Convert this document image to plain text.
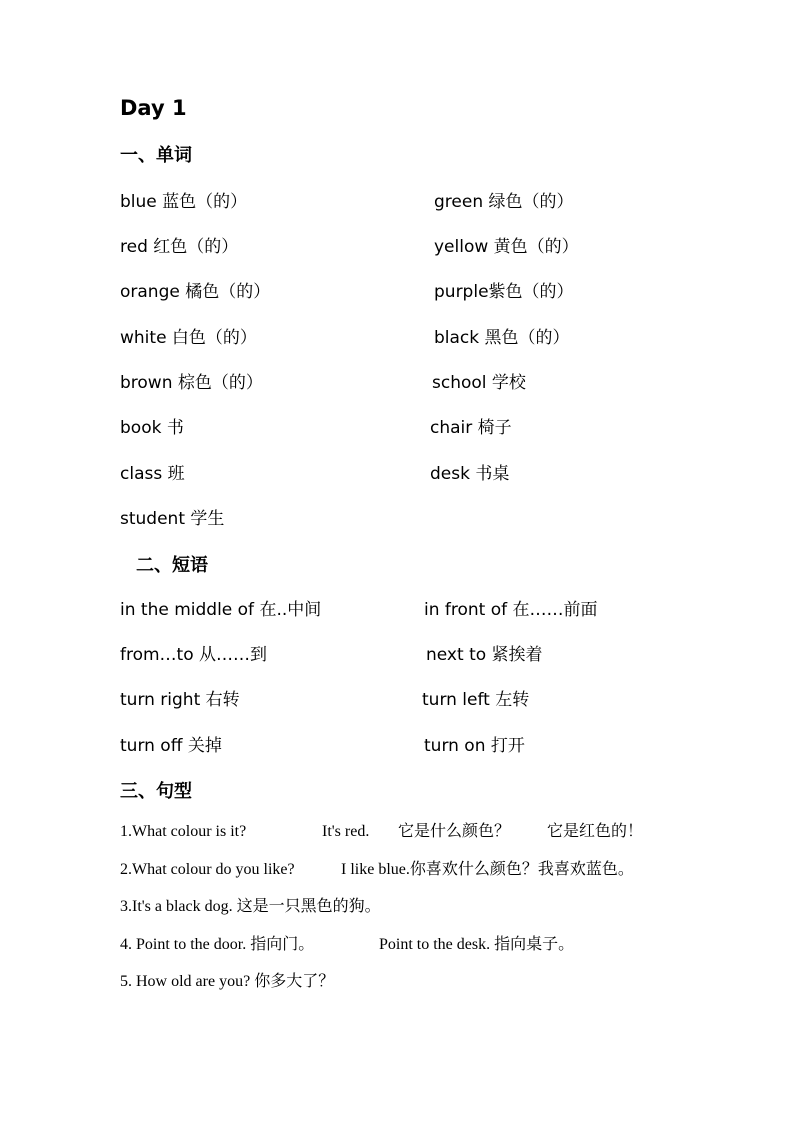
Day 1
一、单词
blue 蓝色（的）	green 绿色（的）
red 红色（的）	yellow 黄色（的）
orange 橘色（的）	purple紫色（的）
white 白色（的）	black 黑色（的）
brown 棕色（的）	school 学校
book 书	chair 椅子
class 班	desk 书桌
student 学生
二、短语
in the middle of 在..中间	in front of 在……前面
from…to 从……到	next to 紧挨着
turn right 右转	turn left 左转
turn off 关掉	turn on 打开
三、句型
1.What colour is it?	It's red. 它是什么颜色？ 它是红色的！
2.What colour do you like?	I like blue.你喜欢什么颜色？我喜欢蓝色。
3.It's a black dog. 这是一只黑色的狗。
4. Point to the door. 指向门。	Point to the desk. 指向桌子。
5. How old are you? 你多大了？
